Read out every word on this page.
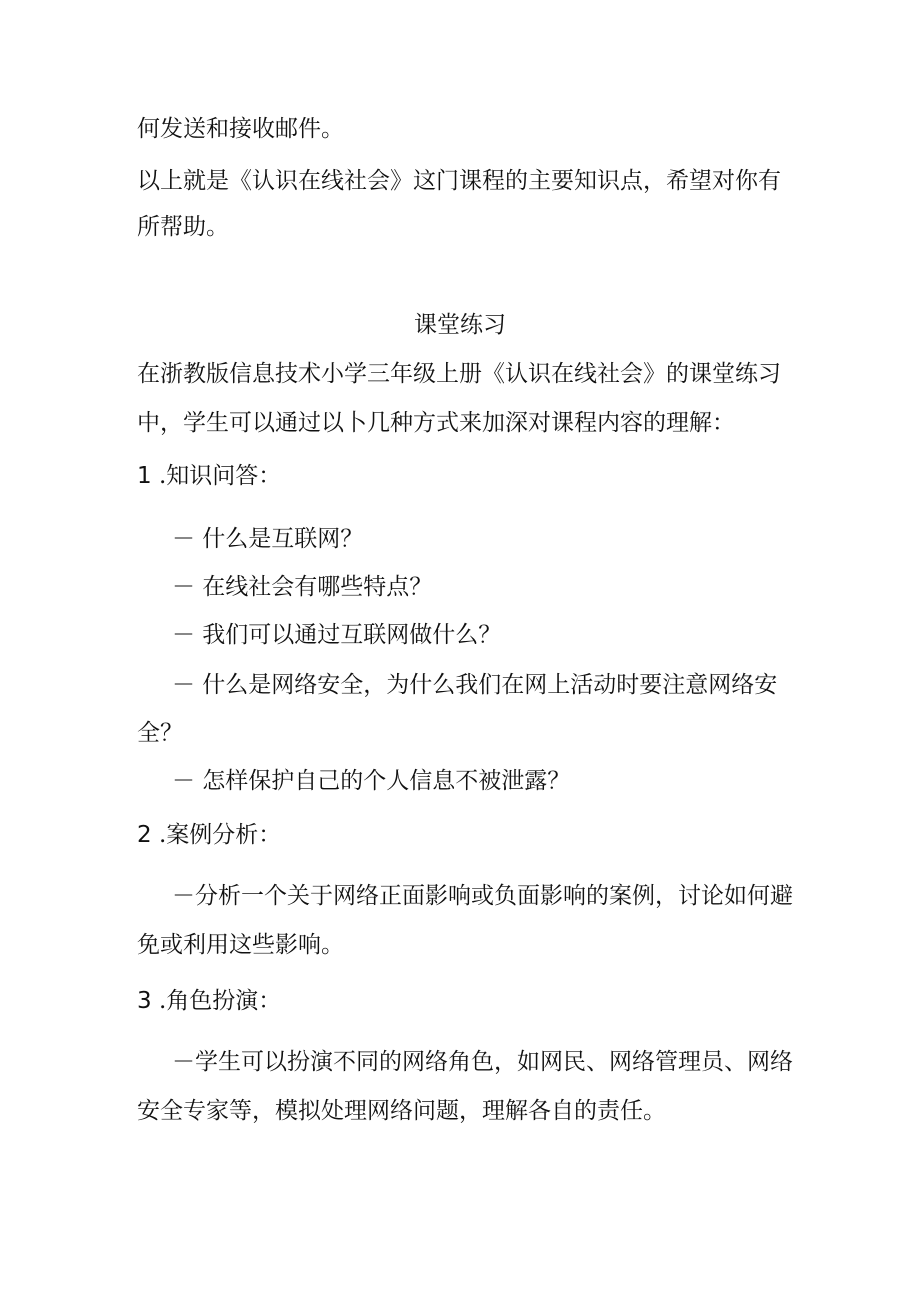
何发送和接收邮件。

以上就是《认识在线社会》这门课程的主要知识点，希望对你有

所帮助。

课堂练习

在浙教版信息技术小学三年级上册《认识在线社会》的课堂练习

中，学生可以通过以卜几种方式来加深对课程内容的理解：

1 .知识问答：

－ 什么是互联网？

－ 在线社会有哪些特点？

－ 我们可以通过互联网做什么？

－ 什么是网络安全，为什么我们在网上活动时要注意网络安

全？

－ 怎样保护自己的个人信息不被泄露？

2 .案例分析：

－分析一个关于网络正面影响或负面影响的案例，讨论如何避

免或利用这些影响。

3 .角色扮演：

－学生可以扮演不同的网络角色，如网民、网络管理员、网络

安全专家等，模拟处理网络问题，理解各自的责任。
